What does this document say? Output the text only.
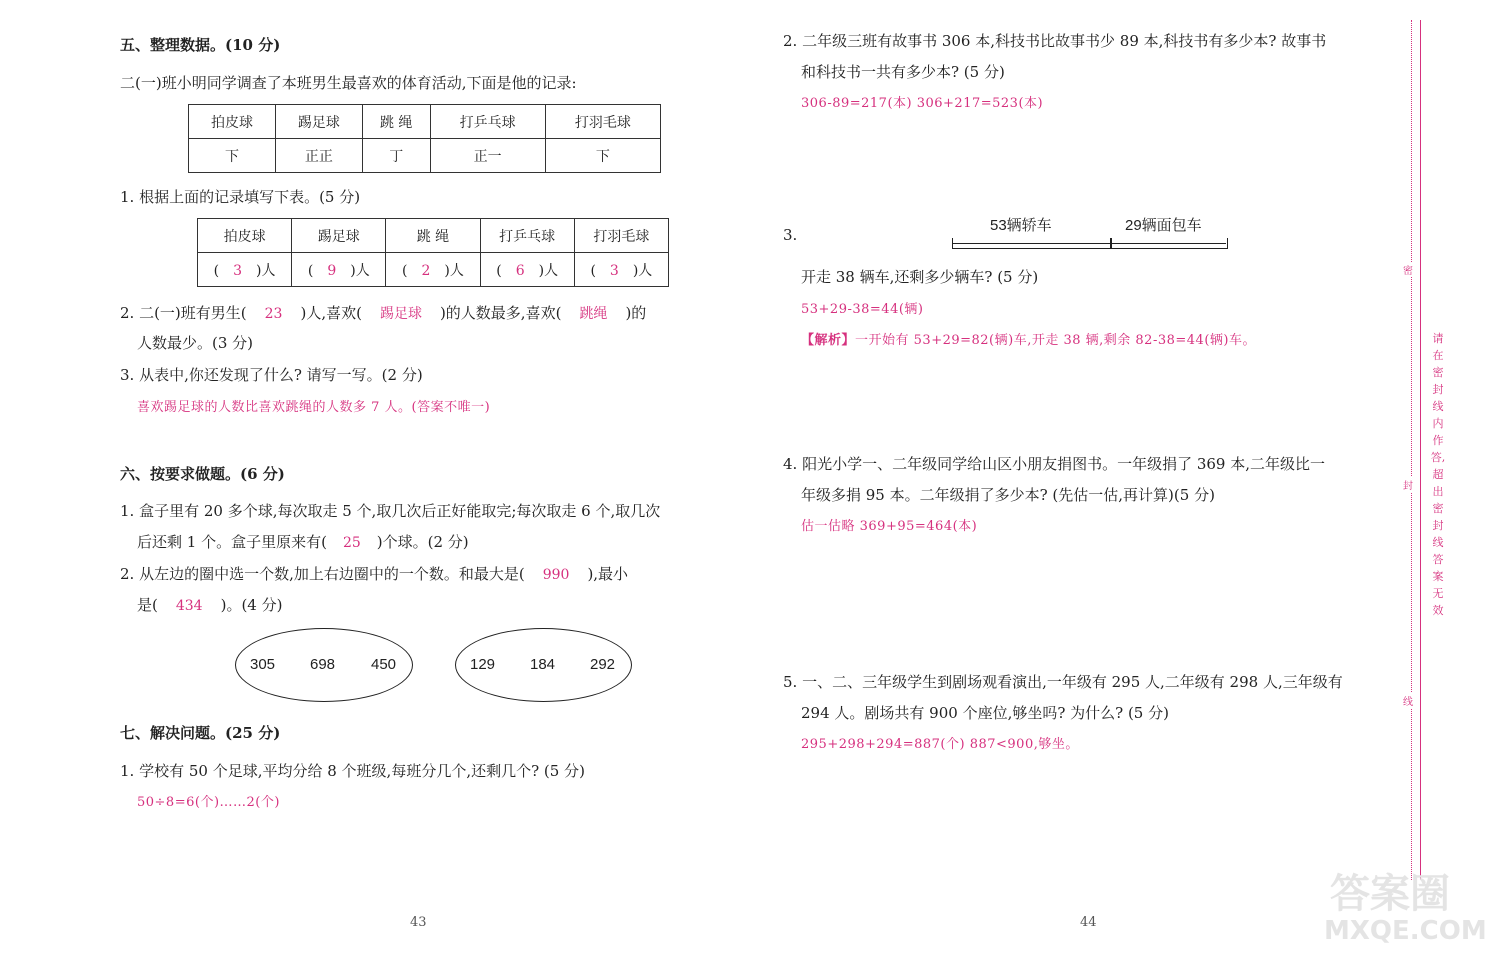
五、整理数据。(10 分)
二(一)班小明同学调查了本班男生最喜欢的体育活动,下面是他的记录:
拍皮球	踢足球	跳 绳	打乒乓球	打羽毛球
下	正正	丁	正一	下
1. 根据上面的记录填写下表。(5 分)
拍皮球	踢足球	跳 绳	打乒乓球	打羽毛球
( 3 )人	( 9 )人	( 2 )人	( 6 )人	( 3 )人
2. 二(一)班有男生( 23 )人,喜欢( 踢足球 )的人数最多,喜欢( 跳绳 )的
人数最少。(3 分)
3. 从表中,你还发现了什么? 请写一写。(2 分)
喜欢踢足球的人数比喜欢跳绳的人数多 7 人。(答案不唯一)
六、按要求做题。(6 分)
1. 盒子里有 20 多个球,每次取走 5 个,取几次后正好能取完;每次取走 6 个,取几次
后还剩 1 个。盒子里原来有( 25 )个球。(2 分)
2. 从左边的圈中选一个数,加上右边圈中的一个数。和最大是( 990 ),最小
是( 434 )。(4 分)
305 698 450	129 184 292
七、解决问题。(25 分)
1. 学校有 50 个足球,平均分给 8 个班级,每班分几个,还剩几个? (5 分)
50÷8=6(个)……2(个)
43
2. 二年级三班有故事书 306 本,科技书比故事书少 89 本,科技书有多少本? 故事书
和科技书一共有多少本? (5 分)
306-89=217(本) 306+217=523(本)
3.
53辆轿车	29辆面包车
开走 38 辆车,还剩多少辆车? (5 分)
53+29-38=44(辆)
【解析】一开始有 53+29=82(辆)车,开走 38 辆,剩余 82-38=44(辆)车。
4. 阳光小学一、二年级同学给山区小朋友捐图书。一年级捐了 369 本,二年级比一
年级多捐 95 本。二年级捐了多少本? (先估一估,再计算)(5 分)
估一估略 369+95=464(本)
5. 一、二、三年级学生到剧场观看演出,一年级有 295 人,二年级有 298 人,三年级有
294 人。剧场共有 900 个座位,够坐吗? 为什么? (5 分)
295+298+294=887(个) 887<900,够坐。
44
密
封
线
请在密封线内作答,超出密封线答案无效
答案圈
MXQE.COM
